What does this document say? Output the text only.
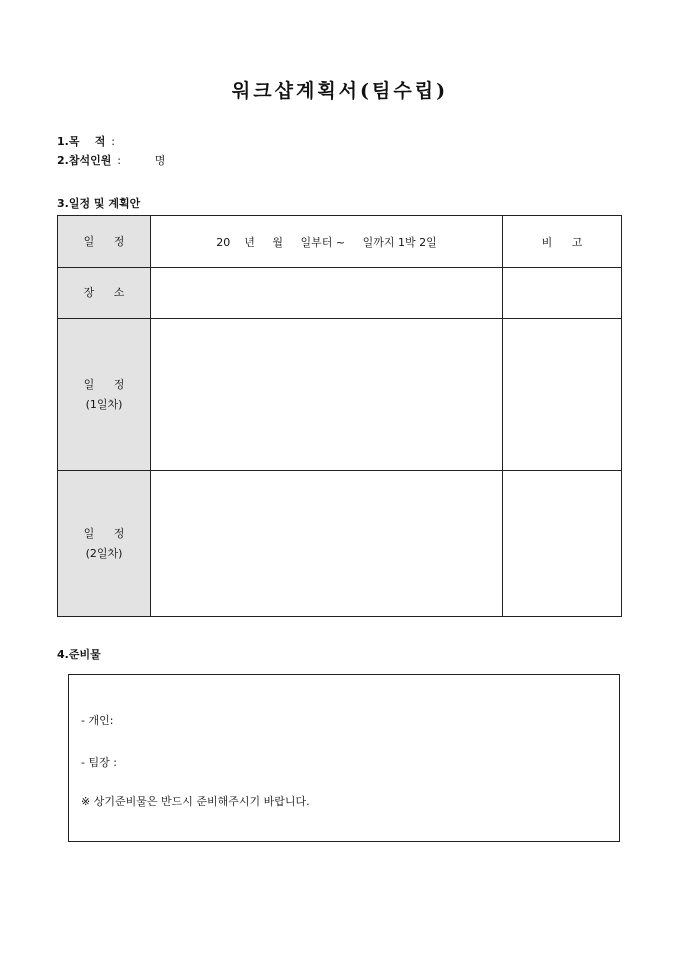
워크샵계획서(팀수립)
1.목    적 :
2.참석인원 :	명
3.일정 및 계획안
일 정	20    년     월     일부터 ~     일까지 1박 2일	비 고
장 소		

일 정
(1일차)		

일 정
(2일차)		

4.준비물
- 개인:
- 팀장 :
※ 상기준비물은 반드시 준비해주시기 바랍니다.
